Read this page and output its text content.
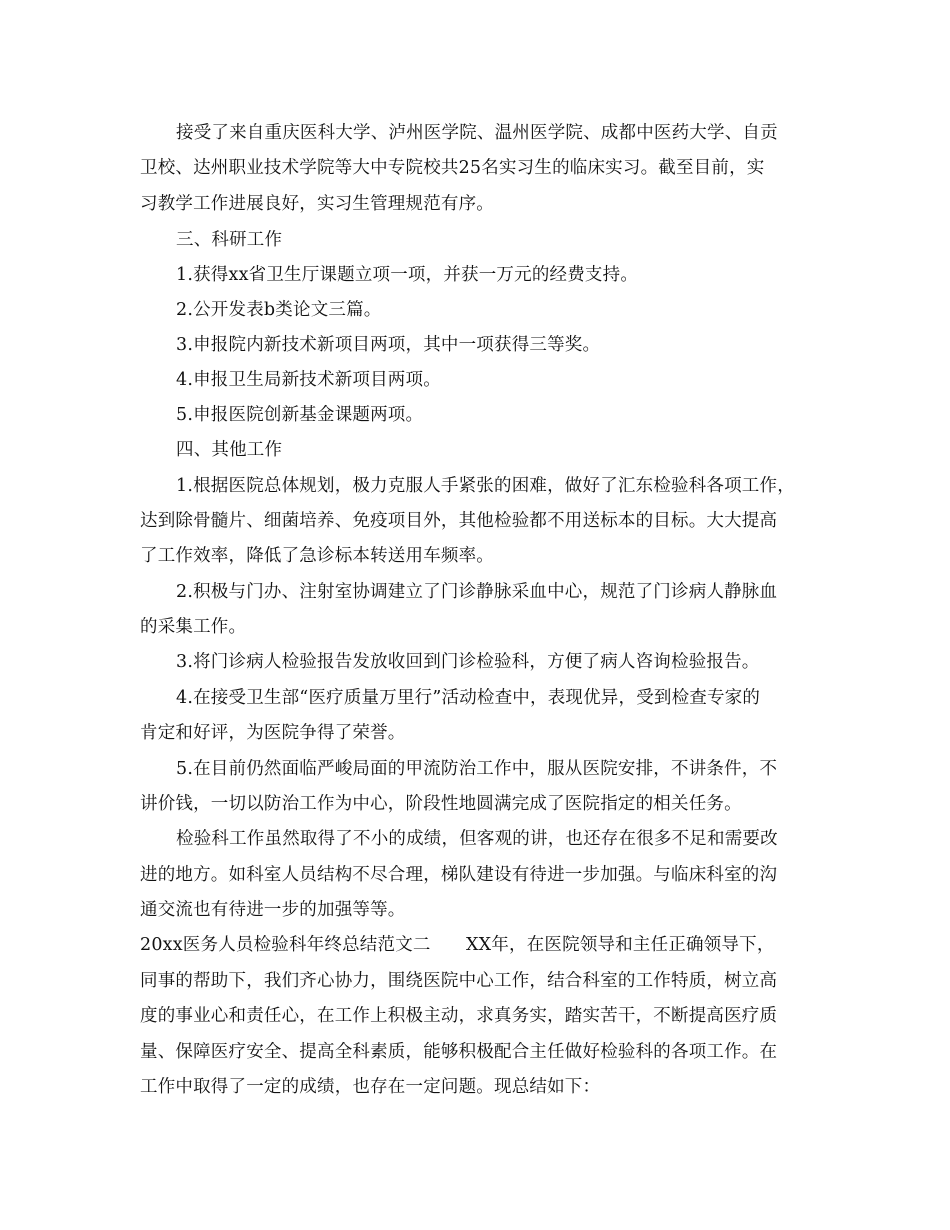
接受了来自重庆医科大学、泸州医学院、温州医学院、成都中医药大学、自贡
卫校、达州职业技术学院等大中专院校共25名实习生的临床实习。截至目前，实
习教学工作进展良好，实习生管理规范有序。
三、科研工作
1.获得xx省卫生厅课题立项一项，并获一万元的经费支持。
2.公开发表b类论文三篇。
3.申报院内新技术新项目两项，其中一项获得三等奖。
4.申报卫生局新技术新项目两项。
5.申报医院创新基金课题两项。
四、其他工作
1.根据医院总体规划，极力克服人手紧张的困难，做好了汇东检验科各项工作，
达到除骨髓片、细菌培养、免疫项目外，其他检验都不用送标本的目标。大大提高
了工作效率，降低了急诊标本转送用车频率。
2.积极与门办、注射室协调建立了门诊静脉采血中心，规范了门诊病人静脉血
的采集工作。
3.将门诊病人检验报告发放收回到门诊检验科，方便了病人咨询检验报告。
4.在接受卫生部“医疗质量万里行”活动检查中，表现优异，受到检查专家的
肯定和好评，为医院争得了荣誉。
5.在目前仍然面临严峻局面的甲流防治工作中，服从医院安排，不讲条件，不
讲价钱，一切以防治工作为中心，阶段性地圆满完成了医院指定的相关任务。
检验科工作虽然取得了不小的成绩，但客观的讲，也还存在很多不足和需要改
进的地方。如科室人员结构不尽合理，梯队建设有待进一步加强。与临床科室的沟
通交流也有待进一步的加强等等。
20xx医务人员检验科年终总结范文二　　XX年，在医院领导和主任正确领导下，
同事的帮助下，我们齐心协力，围绕医院中心工作，结合科室的工作特质，树立高
度的事业心和责任心，在工作上积极主动，求真务实，踏实苦干，不断提高医疗质
量、保障医疗安全、提高全科素质，能够积极配合主任做好检验科的各项工作。在
工作中取得了一定的成绩，也存在一定问题。现总结如下：
